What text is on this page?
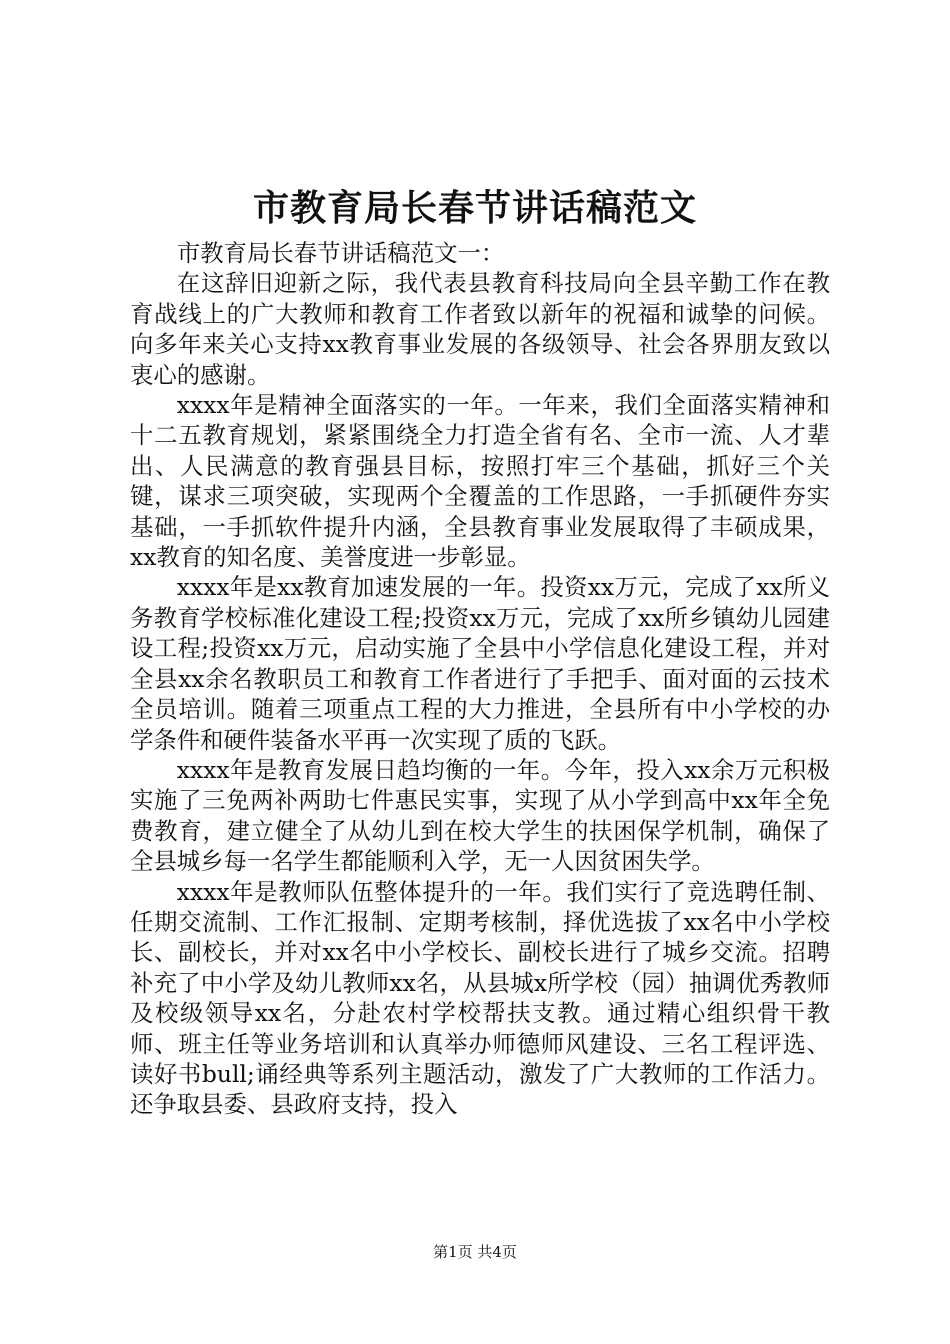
市教育局长春节讲话稿范文

市教育局长春节讲话稿范文一：

在这辞旧迎新之际，我代表县教育科技局向全县辛勤工作在教育战线上的广大教师和教育工作者致以新年的祝福和诚挚的问候。向多年来关心支持xx教育事业发展的各级领导、社会各界朋友致以衷心的感谢。

xxxx年是精神全面落实的一年。一年来，我们全面落实精神和十二五教育规划，紧紧围绕全力打造全省有名、全市一流、人才辈出、人民满意的教育强县目标，按照打牢三个基础，抓好三个关键，谋求三项突破，实现两个全覆盖的工作思路，一手抓硬件夯实基础，一手抓软件提升内涵，全县教育事业发展取得了丰硕成果，xx教育的知名度、美誉度进一步彰显。

xxxx年是xx教育加速发展的一年。投资xx万元，完成了xx所义务教育学校标准化建设工程;投资xx万元，完成了xx所乡镇幼儿园建设工程;投资xx万元，启动实施了全县中小学信息化建设工程，并对全县xx余名教职员工和教育工作者进行了手把手、面对面的云技术全员培训。随着三项重点工程的大力推进，全县所有中小学校的办学条件和硬件装备水平再一次实现了质的飞跃。

xxxx年是教育发展日趋均衡的一年。今年，投入xx余万元积极实施了三免两补两助七件惠民实事，实现了从小学到高中xx年全免费教育，建立健全了从幼儿到在校大学生的扶困保学机制，确保了全县城乡每一名学生都能顺利入学，无一人因贫困失学。

xxxx年是教师队伍整体提升的一年。我们实行了竞选聘任制、任期交流制、工作汇报制、定期考核制，择优选拔了xx名中小学校长、副校长，并对xx名中小学校长、副校长进行了城乡交流。招聘补充了中小学及幼儿教师xx名，从县城x所学校（园）抽调优秀教师及校级领导xx名，分赴农村学校帮扶支教。通过精心组织骨干教师、班主任等业务培训和认真举办师德师风建设、三名工程评选、读好书bull;诵经典等系列主题活动，激发了广大教师的工作活力。还争取县委、县政府支持，投入

第1页 共4页
